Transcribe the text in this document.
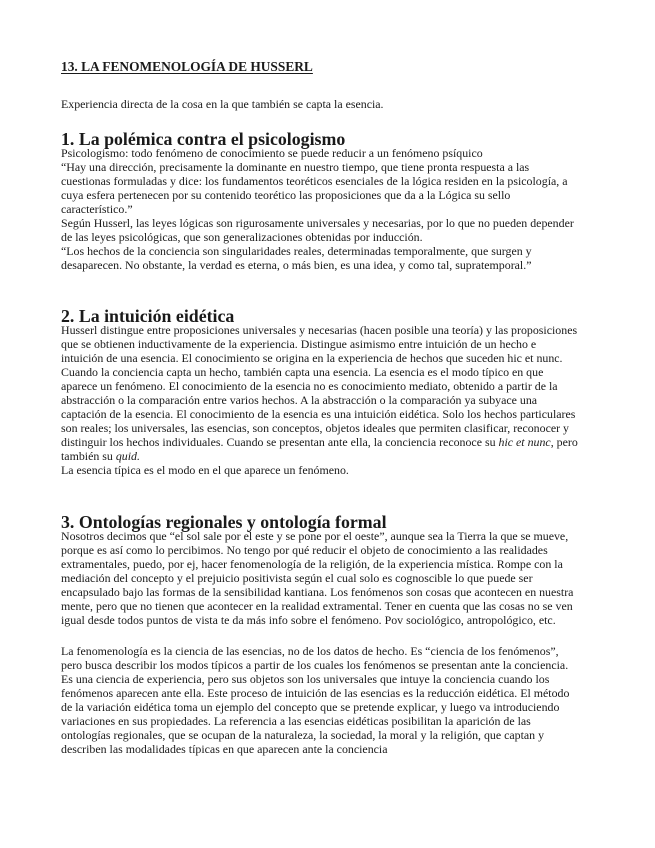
13. LA FENOMENOLOGÍA DE HUSSERL

Experiencia directa de la cosa en la que también se capta la esencia.

1. La polémica contra el psicologismo

Psicologismo: todo fenómeno de conocimiento se puede reducir a un fenómeno psíquico

“Hay una dirección, precisamente la dominante en nuestro tiempo, que tiene pronta respuesta a las cuestionas formuladas y dice: los fundamentos teoréticos esenciales de la lógica residen en la psicología, a cuya esfera pertenecen por su contenido teorético las proposiciones que da a la Lógica su sello característico.”

Según Husserl, las leyes lógicas son rigurosamente universales y necesarias, por lo que no pueden depender de las leyes psicológicas, que son generalizaciones obtenidas por inducción.

“Los hechos de la conciencia son singularidades reales, determinadas temporalmente, que surgen y desaparecen. No obstante, la verdad es eterna, o más bien, es una idea, y como tal, supratemporal.”

2. La intuición eidética

Husserl distingue entre proposiciones universales y necesarias (hacen posible una teoría) y las proposiciones que se obtienen inductivamente de la experiencia. Distingue asimismo entre intuición de un hecho e intuición de una esencia. El conocimiento se origina en la experiencia de hechos que suceden hic et nunc. Cuando la conciencia capta un hecho, también capta una esencia. La esencia es el modo típico en que aparece un fenómeno. El conocimiento de la esencia no es conocimiento mediato, obtenido a partir de la abstracción o la comparación entre varios hechos. A la abstracción o la comparación ya subyace una captación de la esencia. El conocimiento de la esencia es una intuición eidética. Solo los hechos particulares son reales; los universales, las esencias, son conceptos, objetos ideales que permiten clasificar, reconocer y distinguir los hechos individuales. Cuando se presentan ante ella, la conciencia reconoce su hic et nunc, pero también su quid.

La esencia típica es el modo en el que aparece un fenómeno.

3. Ontologías regionales y ontología formal

Nosotros decimos que “el sol sale por el este y se pone por el oeste”, aunque sea la Tierra la que se mueve, porque es así como lo percibimos. No tengo por qué reducir el objeto de conocimiento a las realidades extramentales, puedo, por ej, hacer fenomenología de la religión, de la experiencia mística. Rompe con la mediación del concepto y el prejuicio positivista según el cual solo es cognoscible lo que puede ser encapsulado bajo las formas de la sensibilidad kantiana. Los fenómenos son cosas que acontecen en nuestra mente, pero que no tienen que acontecer en la realidad extramental. Tener en cuenta que las cosas no se ven igual desde todos puntos de vista te da más info sobre el fenómeno. Pov sociológico, antropológico, etc.

La fenomenología es la ciencia de las esencias, no de los datos de hecho. Es “ciencia de los fenómenos”, pero busca describir los modos típicos a partir de los cuales los fenómenos se presentan ante la conciencia. Es una ciencia de experiencia, pero sus objetos son los universales que intuye la conciencia cuando los fenómenos aparecen ante ella. Este proceso de intuición de las esencias es la reducción eidética. El método de la variación eidética toma un ejemplo del concepto que se pretende explicar, y luego va introduciendo variaciones en sus propiedades. La referencia a las esencias eidéticas posibilitan la aparición de las ontologías regionales, que se ocupan de la naturaleza, la sociedad, la moral y la religión, que captan y describen las modalidades típicas en que aparecen ante la conciencia
